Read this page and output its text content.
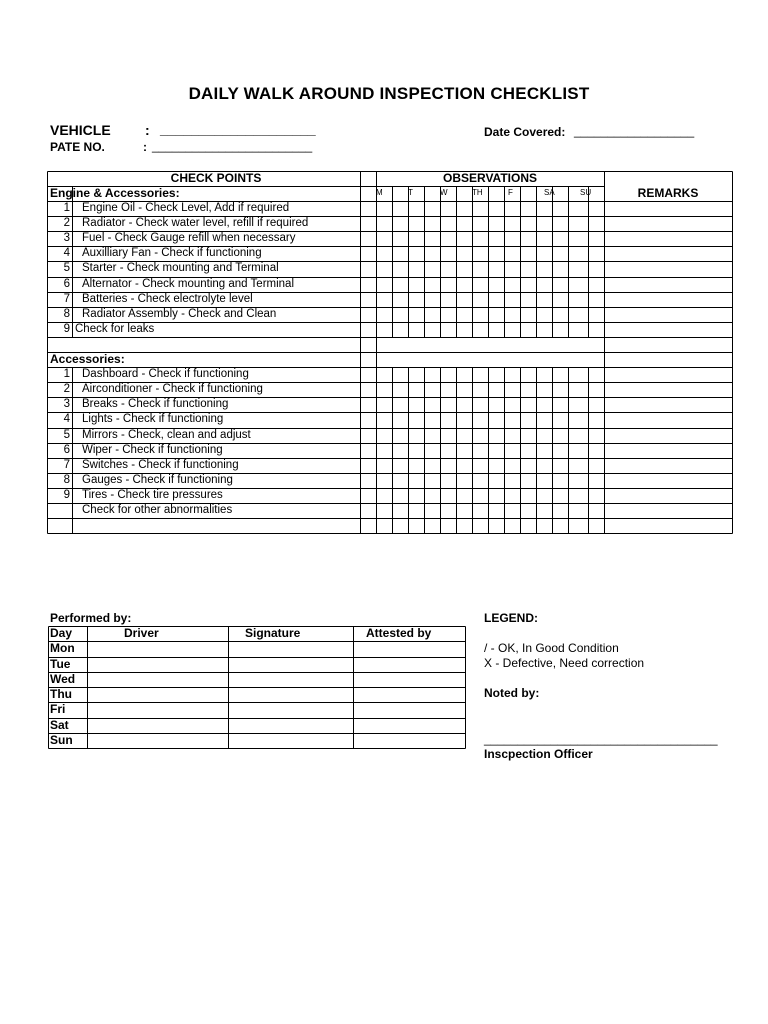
DAILY WALK AROUND INSPECTION CHECKLIST
VEHICLE : ____________________
PATE NO.	: ________________________
Date Covered: __________________
CHECK POINTS	OBSERVATIONS
REMARKS
Engine & Accessories:	M	T	W	TH	F	SA	SU
1 Engine Oil - Check Level, Add if required
2 Radiator - Check water level, refill if required
3 Fuel - Check Gauge refill when necessary
4 Auxilliary Fan - Check if functioning
5 Starter - Check mounting and Terminal
6 Alternator - Check mounting and Terminal
7 Batteries - Check electrolyte level
8 Radiator Assembly - Check and Clean
9 Check for leaks
Accessories:
1 Dashboard - Check if functioning
2 Airconditioner - Check if functioning
3 Breaks - Check if functioning
4 Lights - Check if functioning
5 Mirrors - Check, clean and adjust
6 Wiper - Check if functioning
7 Switches - Check if functioning
8 Gauges - Check if functioning
9 Tires - Check tire pressures
Check for other abnormalities
Performed by:
Day	Driver	Signature	Attested by
Mon
Tue
Wed
Thu
Fri
Sat
Sun
LEGEND:
/ - OK, In Good Condition
X - Defective, Need correction
Noted by:
___________________________________
Inscpection Officer
